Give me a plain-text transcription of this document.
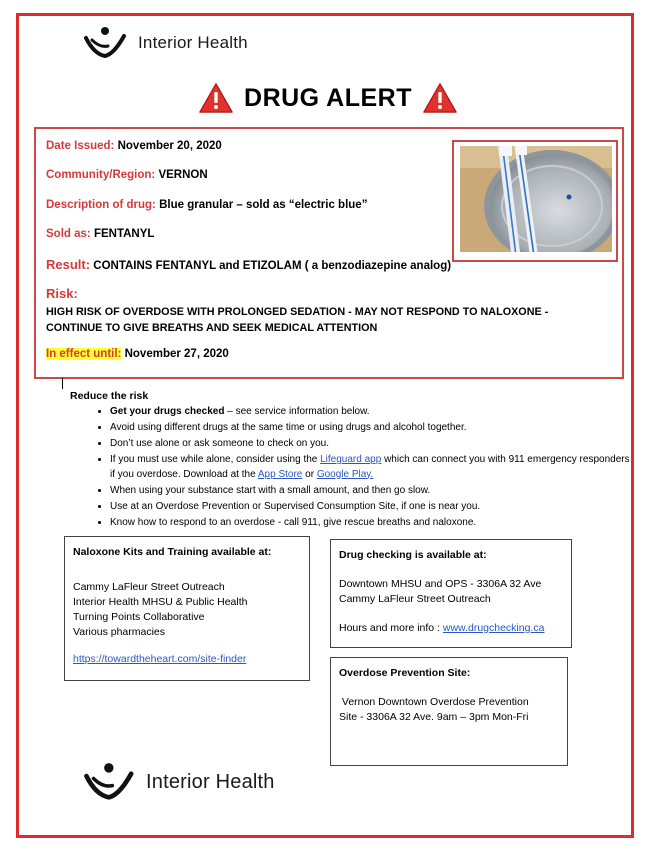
Interior Health
DRUG ALERT
Date Issued: November 20, 2020
Community/Region: VERNON
Description of drug: Blue granular – sold as “electric blue”
Sold as: FENTANYL
Result: CONTAINS FENTANYL and ETIZOLAM ( a benzodiazepine analog)
Risk:
HIGH RISK OF OVERDOSE WITH PROLONGED SEDATION - MAY NOT RESPOND TO NALOXONE - CONTINUE TO GIVE BREATHS AND SEEK MEDICAL ATTENTION
In effect until: November 27, 2020
Reduce the risk
• Get your drugs checked – see service information below.
• Avoid using different drugs at the same time or using drugs and alcohol together.
• Don’t use alone or ask someone to check on you.
• If you must use while alone, consider using the Lifeguard app which can connect you with 911 emergency responders if you overdose. Download at the App Store or Google Play.
• When using your substance start with a small amount, and then go slow.
• Use at an Overdose Prevention or Supervised Consumption Site, if one is near you.
• Know how to respond to an overdose - call 911, give rescue breaths and naloxone.
Naloxone Kits and Training available at:
Cammy LaFleur Street Outreach
Interior Health MHSU & Public Health
Turning Points Collaborative
Various pharmacies
https://towardtheheart.com/site-finder
Drug checking is available at:
Downtown MHSU and OPS - 3306A 32 Ave
Cammy LaFleur Street Outreach
Hours and more info : www.drugchecking.ca
Overdose Prevention Site:
Vernon Downtown Overdose Prevention
Site - 3306A 32 Ave. 9am – 3pm Mon-Fri
Interior Health
